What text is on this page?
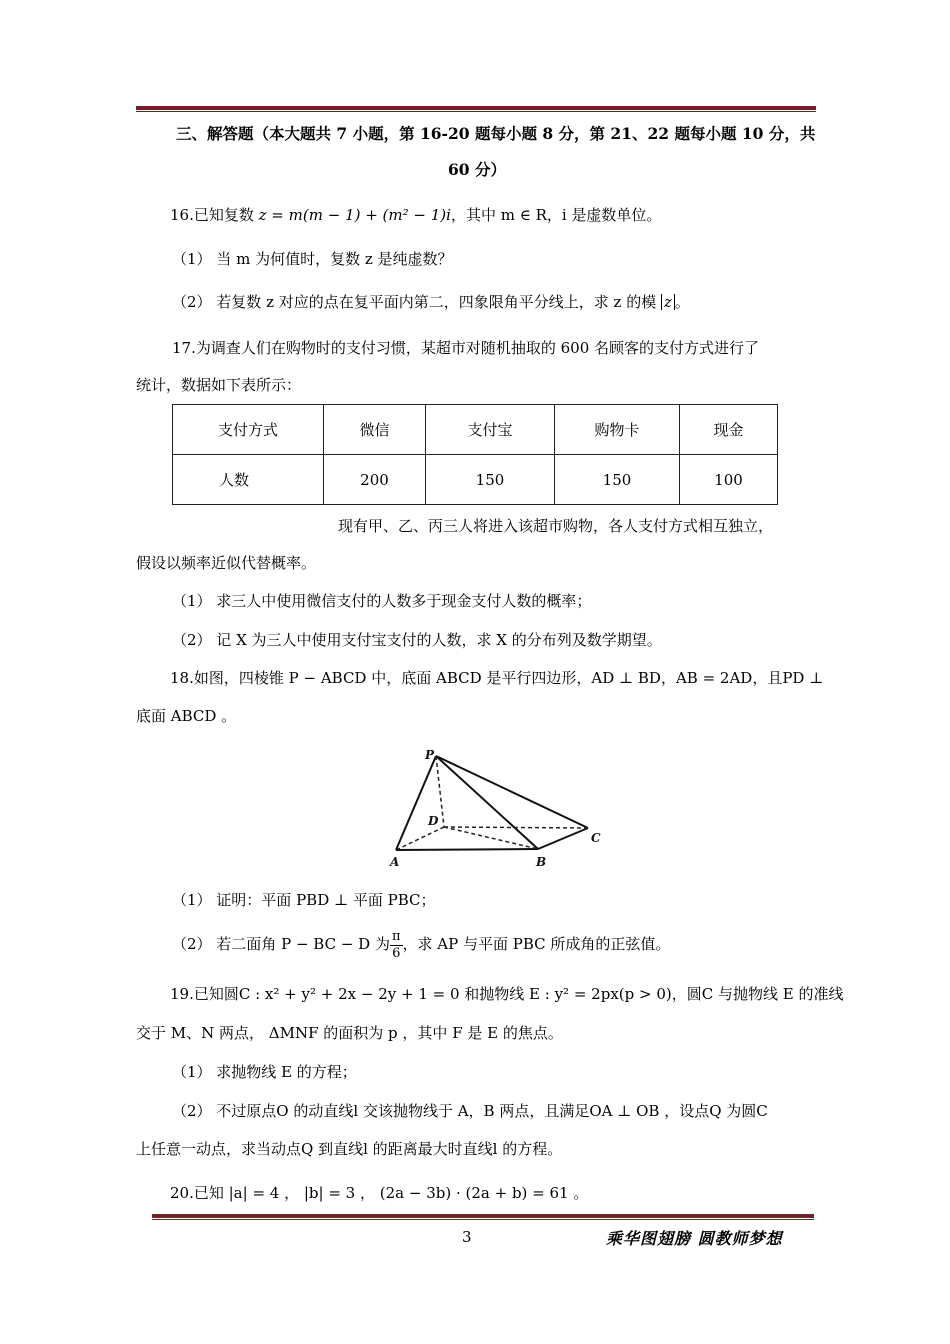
三、解答题（本大题共 7 小题，第 16-20 题每小题 8 分，第 21、22 题每小题 10 分，共
60 分）
16.已知复数 z = m(m − 1) + (m² − 1)i，其中 m ∈ R，i 是虚数单位。
（1） 当 m 为何值时，复数 z 是纯虚数？
（2） 若复数 z 对应的点在复平面内第二，四象限角平分线上，求 z 的模 z 。
17.为调查人们在购物时的支付习惯，某超市对随机抽取的 600 名顾客的支付方式进行了
统计，数据如下表所示：
支付方式	微信	支付宝	购物卡	现金
人数	200	150	150	100
现有甲、乙、丙三人将进入该超市购物，各人支付方式相互独立，
假设以频率近似代替概率。
（1） 求三人中使用微信支付的人数多于现金支付人数的概率；
（2） 记 X 为三人中使用支付宝支付的人数，求 X 的分布列及数学期望。
18.如图，四棱锥 P − ABCD 中，底面 ABCD 是平行四边形，AD ⊥ BD，AB = 2AD，且PD ⊥
底面 ABCD 。
P
D
A	B
C
（1） 证明：平面 PBD ⊥ 平面 PBC；
（2） 若二面角 P − BC − D 为 $\frac{\pi}{6}$ ，求 AP 与平面 PBC 所成角的正弦值。
19.已知圆C : x² + y² + 2x − 2y + 1 = 0 和抛物线 E : y² = 2px(p > 0)，圆C 与抛物线 E 的准线
交于 M、N 两点， ΔMNF 的面积为 p ，其中 F 是 E 的焦点。
（1） 求抛物线 E 的方程；
（2） 不过原点O 的动直线l 交该抛物线于 A，B 两点，且满足OA ⊥ OB ，设点Q 为圆C
上任意一动点，求当动点Q 到直线l 的距离最大时直线l 的方程。
20.已知 |a| = 4 ， |b| = 3 ， (2a − 3b) · (2a + b) = 61 。
3	乘华图翅膀 圆教师梦想
